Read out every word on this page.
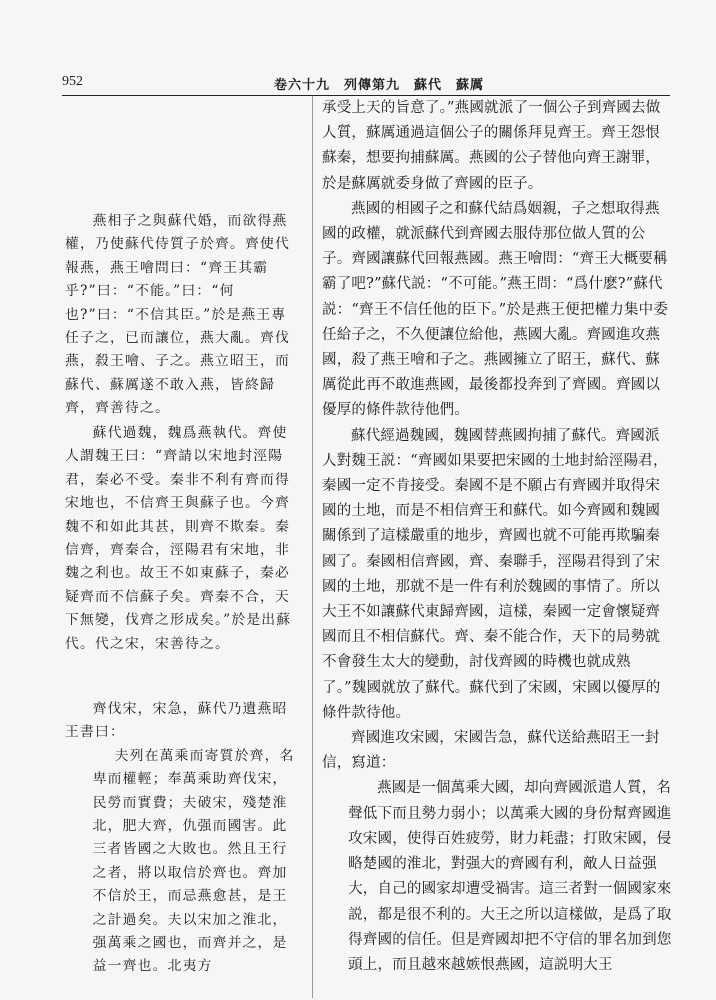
952	卷六十九　列傳第九　蘇代　蘇厲

燕相子之與蘇代婚，而欲得燕權，乃使蘇代侍質子於齊。齊使代報燕，燕王噲問曰：“齊王其霸乎?”曰：“不能。”曰：“何也?”曰：“不信其臣。”於是燕王專任子之，已而讓位，燕大亂。齊伐燕，殺王噲、子之。燕立昭王，而蘇代、蘇厲遂不敢入燕，皆終歸齊，齊善待之。

蘇代過魏，魏爲燕執代。齊使人謂魏王曰：“齊請以宋地封涇陽君，秦必不受。秦非不利有齊而得宋地也，不信齊王與蘇子也。今齊魏不和如此其甚，則齊不欺秦。秦信齊，齊秦合，涇陽君有宋地，非魏之利也。故王不如東蘇子，秦必疑齊而不信蘇子矣。齊秦不合，天下無變，伐齊之形成矣。”於是出蘇代。代之宋，宋善待之。

齊伐宋，宋急，蘇代乃遺燕昭王書曰：

夫列在萬乘而寄質於齊，名卑而權輕；奉萬乘助齊伐宋，民勞而實費；夫破宋，殘楚淮北，肥大齊，仇强而國害。此三者皆國之大敗也。然且王行之者，將以取信於齊也。齊加不信於王，而忌燕愈甚，是王之計過矣。夫以宋加之淮北，强萬乘之國也，而齊并之，是益一齊也。北夷方

承受上天的旨意了。”燕國就派了一個公子到齊國去做人質，蘇厲通過這個公子的關係拜見齊王。齊王怨恨蘇秦，想要拘捕蘇厲。燕國的公子替他向齊王謝罪，於是蘇厲就委身做了齊國的臣子。

燕國的相國子之和蘇代結爲姻親，子之想取得燕國的政權，就派蘇代到齊國去服侍那位做人質的公子。齊國讓蘇代回報燕國。燕王噲問：“齊王大概要稱霸了吧?”蘇代説：“不可能。”燕王問：“爲什麽?”蘇代説：“齊王不信任他的臣下。”於是燕王便把權力集中委任給子之，不久便讓位給他，燕國大亂。齊國進攻燕國，殺了燕王噲和子之。燕國擁立了昭王，蘇代、蘇厲從此再不敢進燕國，最後都投奔到了齊國。齊國以優厚的條件款待他們。

蘇代經過魏國，魏國替燕國拘捕了蘇代。齊國派人對魏王説：“齊國如果要把宋國的土地封給涇陽君，秦國一定不肯接受。秦國不是不願占有齊國并取得宋國的土地，而是不相信齊王和蘇代。如今齊國和魏國關係到了這樣嚴重的地步，齊國也就不可能再欺騙秦國了。秦國相信齊國，齊、秦聯手，涇陽君得到了宋國的土地，那就不是一件有利於魏國的事情了。所以大王不如讓蘇代東歸齊國，這樣，秦國一定會懷疑齊國而且不相信蘇代。齊、秦不能合作，天下的局勢就不會發生太大的變動，討伐齊國的時機也就成熟了。”魏國就放了蘇代。蘇代到了宋國，宋國以優厚的條件款待他。

齊國進攻宋國，宋國告急，蘇代送給燕昭王一封信，寫道：

燕國是一個萬乘大國，却向齊國派遣人質，名聲低下而且勢力弱小；以萬乘大國的身份幫齊國進攻宋國，使得百姓疲勞，財力耗盡；打敗宋國，侵略楚國的淮北，對强大的齊國有利，敵人日益强大，自己的國家却遭受禍害。這三者對一個國家來説，都是很不利的。大王之所以這樣做，是爲了取得齊國的信任。但是齊國却把不守信的罪名加到您頭上，而且越來越嫉恨燕國，這説明大王
